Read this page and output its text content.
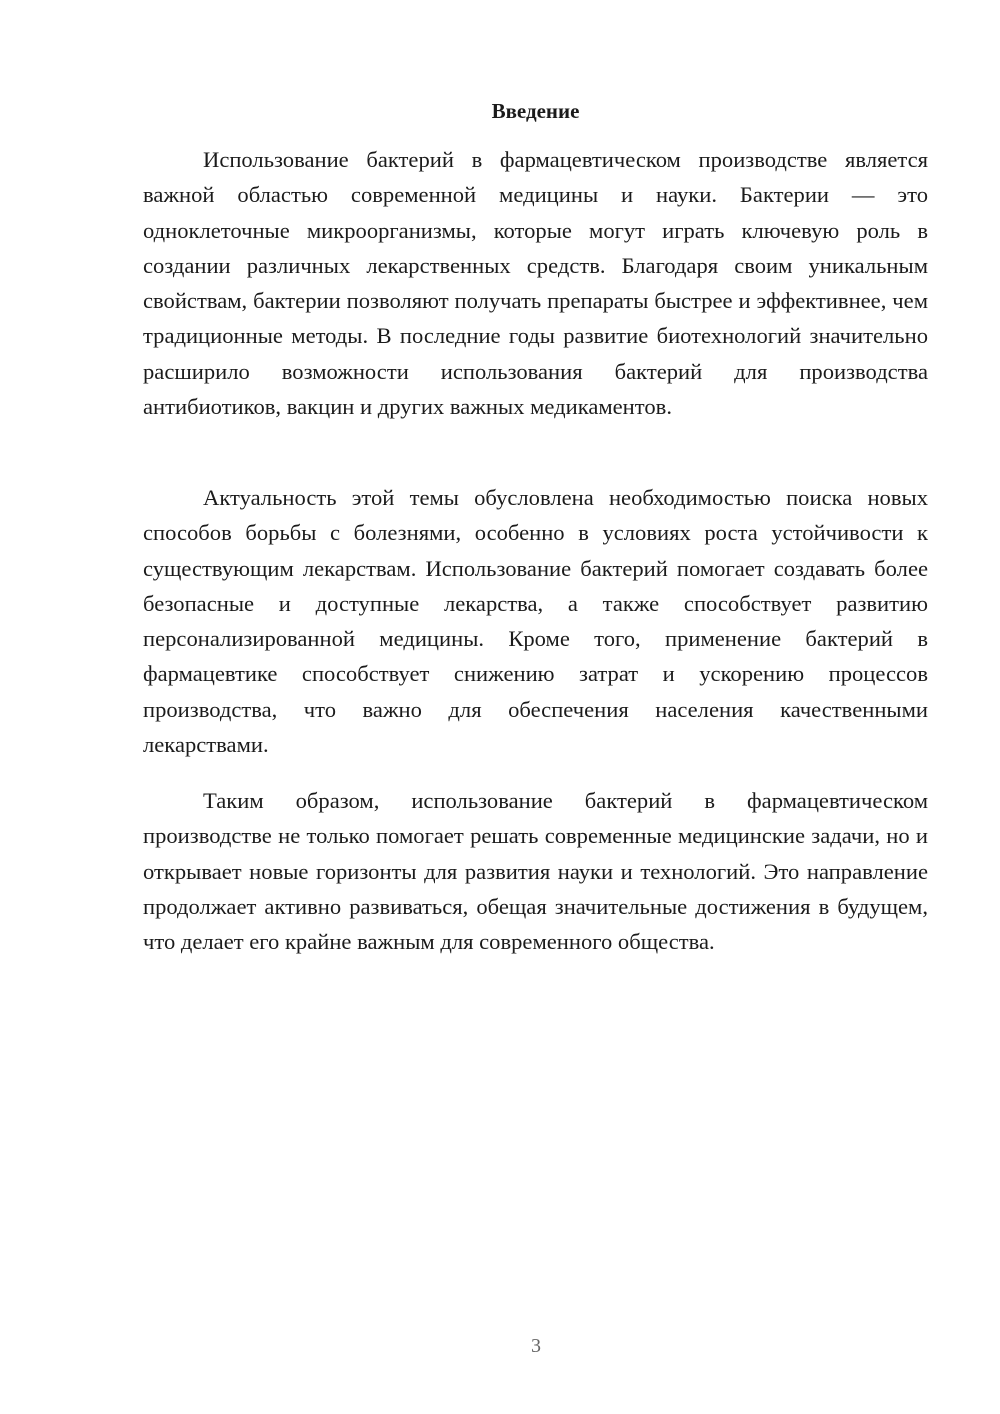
Введение

Использование бактерий в фармацевтическом производстве является важной областью современной медицины и науки. Бактерии — это одноклеточные микроорганизмы, которые могут играть ключевую роль в создании различных лекарственных средств. Благодаря своим уникальным свойствам, бактерии позволяют получать препараты быстрее и эффективнее, чем традиционные методы. В последние годы развитие биотехнологий значительно расширило возможности использования бактерий для производства антибиотиков, вакцин и других важных медикаментов.

Актуальность этой темы обусловлена необходимостью поиска новых способов борьбы с болезнями, особенно в условиях роста устойчивости к существующим лекарствам. Использование бактерий помогает создавать более безопасные и доступные лекарства, а также способствует развитию персонализированной медицины. Кроме того, применение бактерий в фармацевтике способствует снижению затрат и ускорению процессов производства, что важно для обеспечения населения качественными лекарствами.

Таким образом, использование бактерий в фармацевтическом производстве не только помогает решать современные медицинские задачи, но и открывает новые горизонты для развития науки и технологий. Это направление продолжает активно развиваться, обещая значительные достижения в будущем, что делает его крайне важным для современного общества.

3
